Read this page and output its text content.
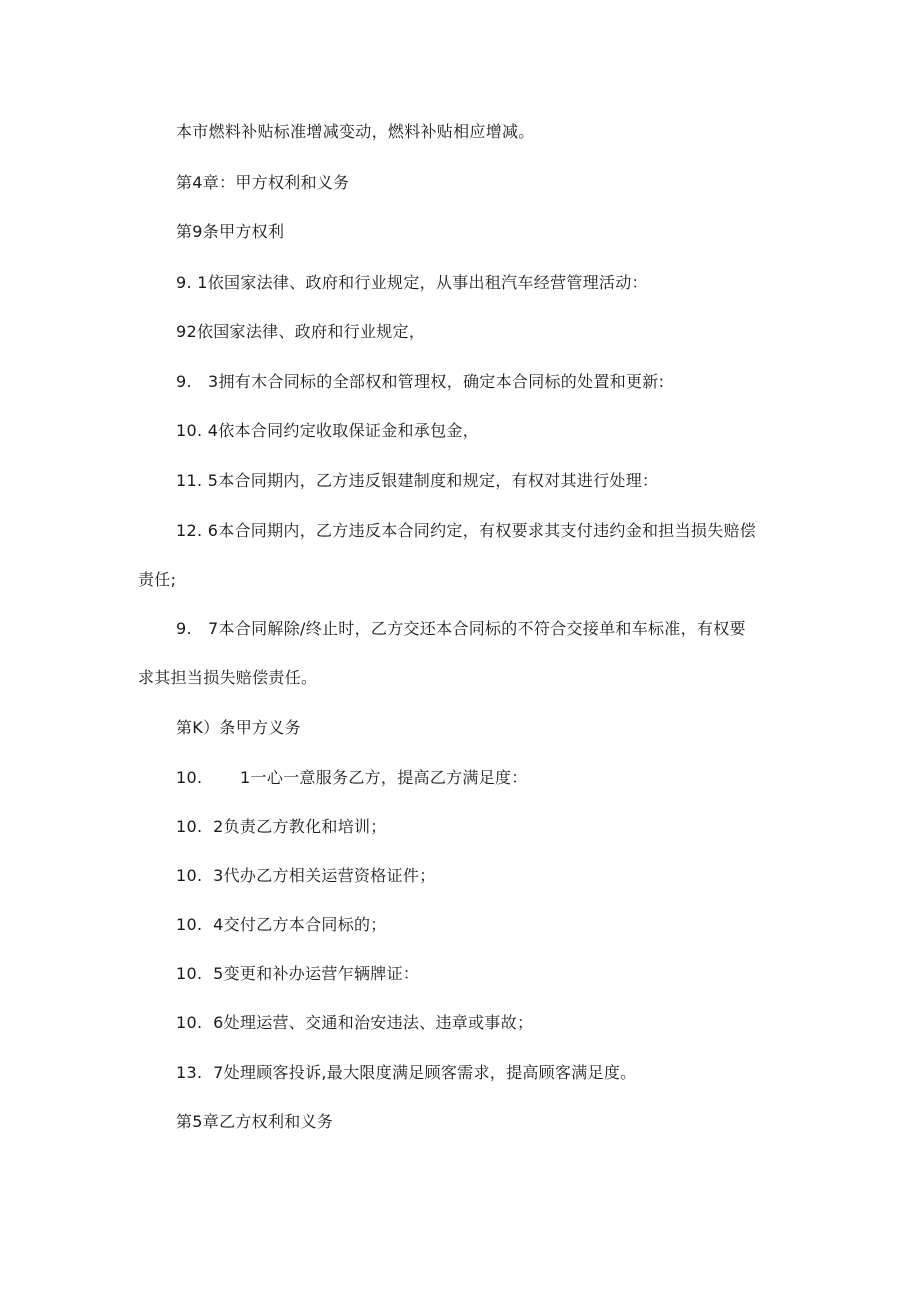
本市燃料补贴标准增减变动，燃料补贴相应增减。
第4章：甲方权利和义务
第9条甲方权利
9. 1依国家法律、政府和行业规定，从事出租汽车经营管理活动：
92依国家法律、政府和行业规定，
9.   3拥有木合同标的全部权和管理权，确定本合同标的处置和更新:
10. 4依本合同约定收取保证金和承包金，
11. 5本合同期内，乙方违反银建制度和规定，有权对其进行处理：
12. 6本合同期内，乙方违反本合同约定，有权要求其支付违约金和担当损失赔偿
责任;
9.   7本合同解除/终止时，乙方交还本合同标的不符合交接单和车标准，有权要
求其担当损失赔偿责任。
第K）条甲方义务
10.       1一心一意服务乙方，提高乙方满足度：
10.  2负责乙方教化和培训；
10.  3代办乙方相关运营资格证件；
10.  4交付乙方本合同标的；
10.  5变更和补办运营乍辆牌证：
10.  6处理运营、交通和治安违法、违章或事故；
13.  7处理顾客投诉,最大限度满足顾客需求，提高顾客满足度。
第5章乙方权利和义务
